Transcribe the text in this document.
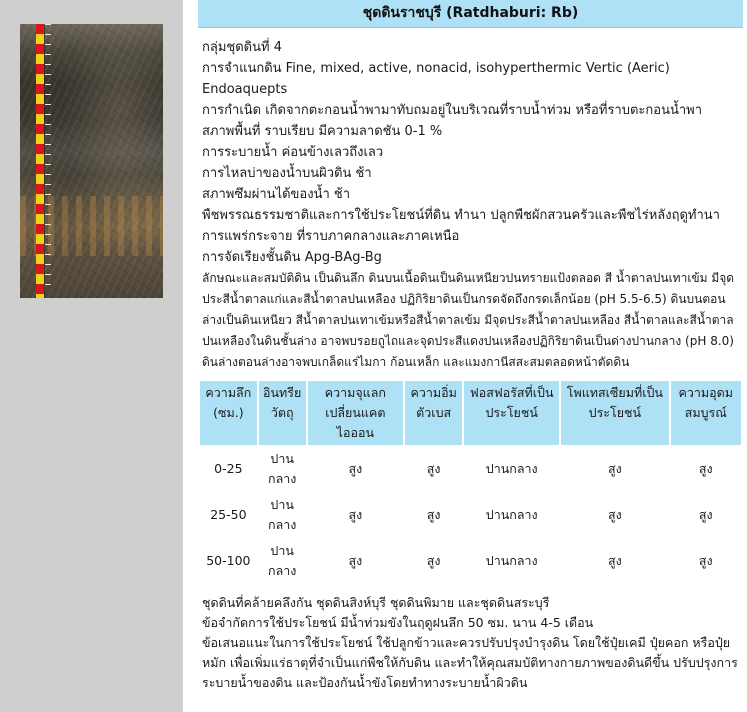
ชุดดินราชบุรี (Ratdhaburi: Rb)
กลุ่มชุดดินที่ 4
การจำแนกดิน Fine, mixed, active, nonacid, isohyperthermic Vertic (Aeric) Endoaquepts
การกำเนิด เกิดจากตะกอนน้ำพามาทับถมอยู่ในบริเวณที่ราบน้ำท่วม หรือที่ราบตะกอนน้ำพา
สภาพพื้นที่ ราบเรียบ มีความลาดชัน 0-1 %
การระบายน้ำ ค่อนข้างเลวถึงเลว
การไหลบ่าของน้ำบนผิวดิน ช้า
สภาพซึมผ่านได้ของน้ำ ช้า
พืชพรรณธรรมชาติและการใช้ประโยชน์ที่ดิน ทำนา ปลูกพืชผักสวนครัวและพืชไร่หลังฤดูทำนา
การแพร่กระจาย ที่ราบภาคกลางและภาคเหนือ
การจัดเรียงชั้นดิน Apg-BAg-Bg
ลักษณะและสมบัติดิน เป็นดินลึก ดินบนเนื้อดินเป็นดินเหนียวปนทรายแป้งตลอด สี น้ำตาลปนเทาเข้ม มีจุดประสีน้ำตาลแก่และสีน้ำตาลปนเหลือง ปฏิกิริยาดินเป็นกรดจัดถึงกรดเล็กน้อย (pH 5.5-6.5) ดินบนตอนล่างเป็นดินเหนียว สีน้ำตาลปนเทาเข้มหรือสีน้ำตาลเข้ม มีจุดประสีน้ำตาลปนเหลือง สีน้ำตาลและสีน้ำตาลปนเหลืองในดินชั้นล่าง อาจพบรอยถูไถและจุดประสีแดงปนเหลืองปฏิกิริยาดินเป็นด่างปานกลาง (pH 8.0) ดินล่างตอนล่างอาจพบเกล็ดแร่ไมกา ก้อนเหล็ก และแมงกานีสสะสมตลอดหน้าตัดดิน
ความลึก (ซม.)	อินทรียวัตถุ	ความจุแลกเปลี่ยนแคตไอออน	ความอิ่มตัวเบส	ฟอสฟอรัสที่เป็นประโยชน์	โพแทสเซียมที่เป็นประโยชน์	ความอุดมสมบูรณ์
0-25	ปานกลาง	สูง	สูง	ปานกลาง	สูง	สูง
25-50	ปานกลาง	สูง	สูง	ปานกลาง	สูง	สูง
50-100	ปานกลาง	สูง	สูง	ปานกลาง	สูง	สูง
ชุดดินที่คล้ายคลึงกัน ชุดดินสิงห์บุรี ชุดดินพิมาย และชุดดินสระบุรี
ข้อจำกัดการใช้ประโยชน์ มีน้ำท่วมขังในฤดูฝนลึก 50 ซม. นาน 4-5 เดือน
ข้อเสนอแนะในการใช้ประโยชน์ ใช้ปลูกข้าวและควรปรับปรุงบำรุงดิน โดยใช้ปุ๋ยเคมี ปุ๋ยคอก หรือปุ๋ยหมัก เพื่อเพิ่มแร่ธาตุที่จำเป็นแก่พืชให้กับดิน และทำให้คุณสมบัติทางกายภาพของดินดีขึ้น ปรับปรุงการระบายน้ำของดิน และป้องกันน้ำขังโดยทำทางระบายน้ำผิวดิน
